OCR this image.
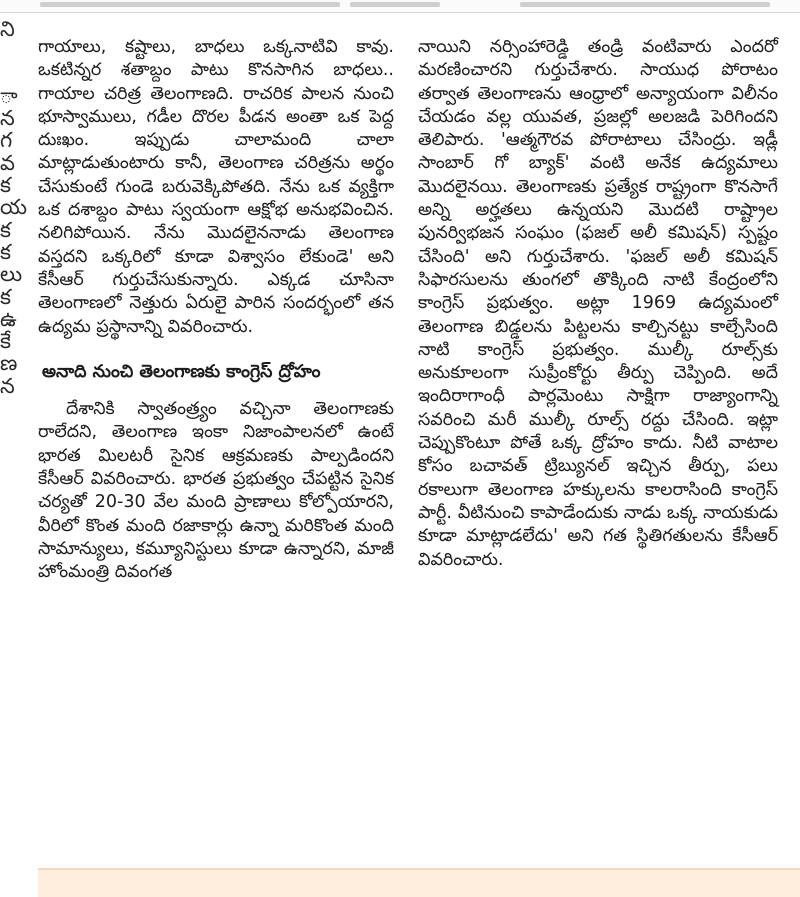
ని
ా
న
గ
వ
క
య
క
క
లు
క
ఉ
కే
ణ
న

గాయాలు, కష్టాలు, బాధలు ఒక్కనాటివి కావు. ఒకటిన్నర శతాబ్దం పాటు కొనసాగిన బాధలు.. గాయాల చరిత్ర తెలంగాణది. రాచరిక పాలన నుంచి భూస్వాములు, గడీల దొరల పీడన అంతా ఒక పెద్ద దుఃఖం. ఇప్పుడు చాలామంది చాలా మాట్లాడుతుంటారు కానీ, తెలంగాణ చరిత్రను అర్థం చేసుకుంటే గుండె బరువెక్కిపోతది. నేను ఒక వ్యక్తిగా ఒక దశాబ్దం పాటు స్వయంగా ఆక్షోభ అనుభవించిన. నలిగిపోయిన. నేను మొదలైననాడు తెలంగాణ వస్తదని ఒక్కరిలో కూడా విశ్వాసం లేకుండె' అని కేసీఆర్ గుర్తుచేసుకున్నారు. ఎక్కడ చూసినా తెలంగాణలో నెత్తురు ఏరులై పారిన సందర్భంలో తన ఉద్యమ ప్రస్థానాన్ని వివరించారు.

అనాది నుంచి తెలంగాణకు కాంగ్రెస్ ద్రోహం

దేశానికి స్వాతంత్ర్యం వచ్చినా తెలంగాణకు రాలేదని, తెలంగాణ ఇంకా నిజాంపాలనలో ఉంటే భారత మిలటరీ సైనిక ఆక్రమణకు పాల్పడిందని కేసీఆర్ వివరించారు. భారత ప్రభుత్వం చేపట్టిన సైనిక చర్యతో 20-30 వేల మంది ప్రాణాలు కోల్పోయారని, వీరిలో కొంత మంది రజాకార్లు ఉన్నా మరికొంత మంది సామాన్యులు, కమ్యూనిస్టులు కూడా ఉన్నారని, మాజీ హోంమంత్రి దివంగత

నాయిని నర్సింహారెడ్డి తండ్రి వంటివారు ఎందరో మరణించారని గుర్తుచేశారు. సాయుధ పోరాటం తర్వాత తెలంగాణను ఆంధ్రాలో అన్యాయంగా విలీనం చేయడం వల్ల యువత, ప్రజల్లో అలజడి పెరిగిందని తెలిపారు. 'ఆత్మగౌరవ పోరాటాలు చేసింద్రు. ఇడ్లీ సాంబార్ గో బ్యాక్' వంటి అనేక ఉద్యమాలు మొదలైనయి. తెలంగాణకు ప్రత్యేక రాష్ట్రంగా కొనసాగే అన్ని అర్హతలు ఉన్నయని మొదటి రాష్ట్రాల పునర్విభజన సంఘం (ఫజల్ అలీ కమిషన్) స్పష్టం చేసింది' అని గుర్తుచేశారు. 'ఫజల్ అలీ కమిషన్ సిఫారసులను తుంగలో తొక్కింది నాటి కేంద్రంలోని కాంగ్రెస్ ప్రభుత్వం. అట్లా 1969 ఉద్యమంలో తెలంగాణ బిడ్డలను పిట్టలను కాల్చినట్టు కాల్చేసింది నాటి కాంగ్రెస్ ప్రభుత్వం. ముల్కీ రూల్స్‌కు అనుకూలంగా సుప్రీంకోర్టు తీర్పు చెప్పింది. అదే ఇందిరాగాంధీ పార్లమెంటు సాక్షిగా రాజ్యాంగాన్ని సవరించి మరీ ముల్కీ రూల్స్ రద్దు చేసింది. ఇట్లా చెప్పుకొంటూ పోతే ఒక్క ద్రోహం కాదు. నీటి వాటాల కోసం బచావత్ ట్రిబ్యునల్ ఇచ్చిన తీర్పు, పలు రకాలుగా తెలంగాణ హక్కులను కాలరాసింది కాంగ్రెస్ పార్టీ. వీటినుంచి కాపాడేందుకు నాడు ఒక్క నాయకుడు కూడా మాట్లాడలేదు' అని గత స్థితిగతులను కేసీఆర్ వివరించారు.
